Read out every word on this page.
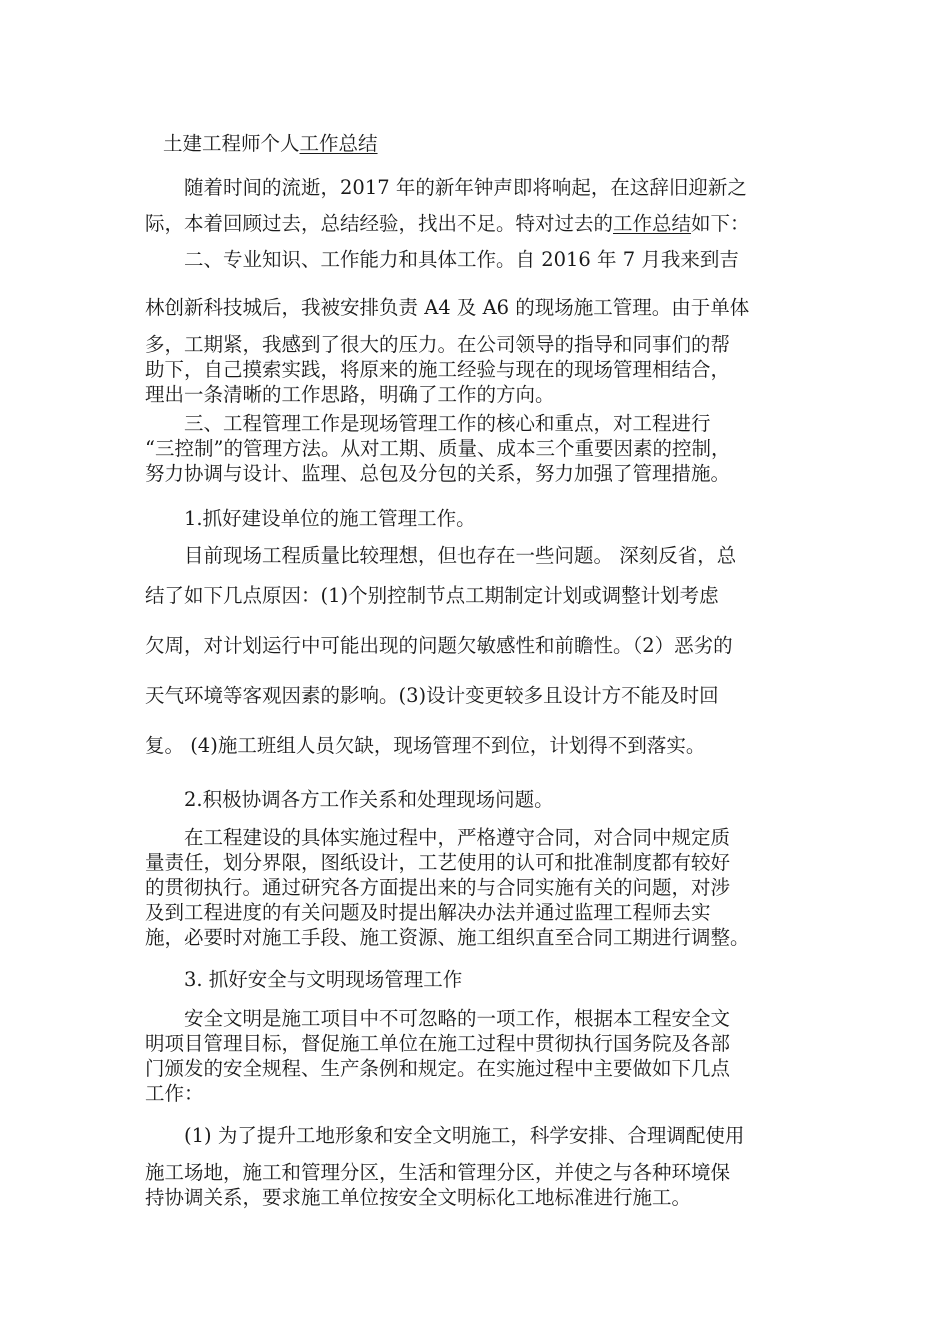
土建工程师个人工作总结

随着时间的流逝，2017 年的新年钟声即将响起，在这辞旧迎新之
际，本着回顾过去，总结经验，找出不足。特对过去的工作总结如下：
二、专业知识、工作能力和具体工作。自 2016 年 7 月我来到吉
林创新科技城后，我被安排负责 A4 及 A6 的现场施工管理。由于单体
多，工期紧，我感到了很大的压力。在公司领导的指导和同事们的帮
助下，自己摸索实践，将原来的施工经验与现在的现场管理相结合，
理出一条清晰的工作思路，明确了工作的方向。
三、工程管理工作是现场管理工作的核心和重点，对工程进行
“三控制”的管理方法。从对工期、质量、成本三个重要因素的控制，
努力协调与设计、监理、总包及分包的关系，努力加强了管理措施。

1.抓好建设单位的施工管理工作。

目前现场工程质量比较理想，但也存在一些问题。 深刻反省，总
结了如下几点原因：(1)个别控制节点工期制定计划或调整计划考虑
欠周，对计划运行中可能出现的问题欠敏感性和前瞻性。（2）恶劣的
天气环境等客观因素的影响。(3)设计变更较多且设计方不能及时回
复。 (4)施工班组人员欠缺，现场管理不到位，计划得不到落实。

2.积极协调各方工作关系和处理现场问题。

在工程建设的具体实施过程中，严格遵守合同，对合同中规定质
量责任，划分界限，图纸设计，工艺使用的认可和批准制度都有较好
的贯彻执行。通过研究各方面提出来的与合同实施有关的问题，对涉
及到工程进度的有关问题及时提出解决办法并通过监理工程师去实
施，必要时对施工手段、施工资源、施工组织直至合同工期进行调整。

3. 抓好安全与文明现场管理工作

安全文明是施工项目中不可忽略的一项工作，根据本工程安全文
明项目管理目标，督促施工单位在施工过程中贯彻执行国务院及各部
门颁发的安全规程、生产条例和规定。在实施过程中主要做如下几点
工作：
(1) 为了提升工地形象和安全文明施工，科学安排、合理调配使用
施工场地，施工和管理分区，生活和管理分区，并使之与各种环境保
持协调关系，要求施工单位按安全文明标化工地标准进行施工。
